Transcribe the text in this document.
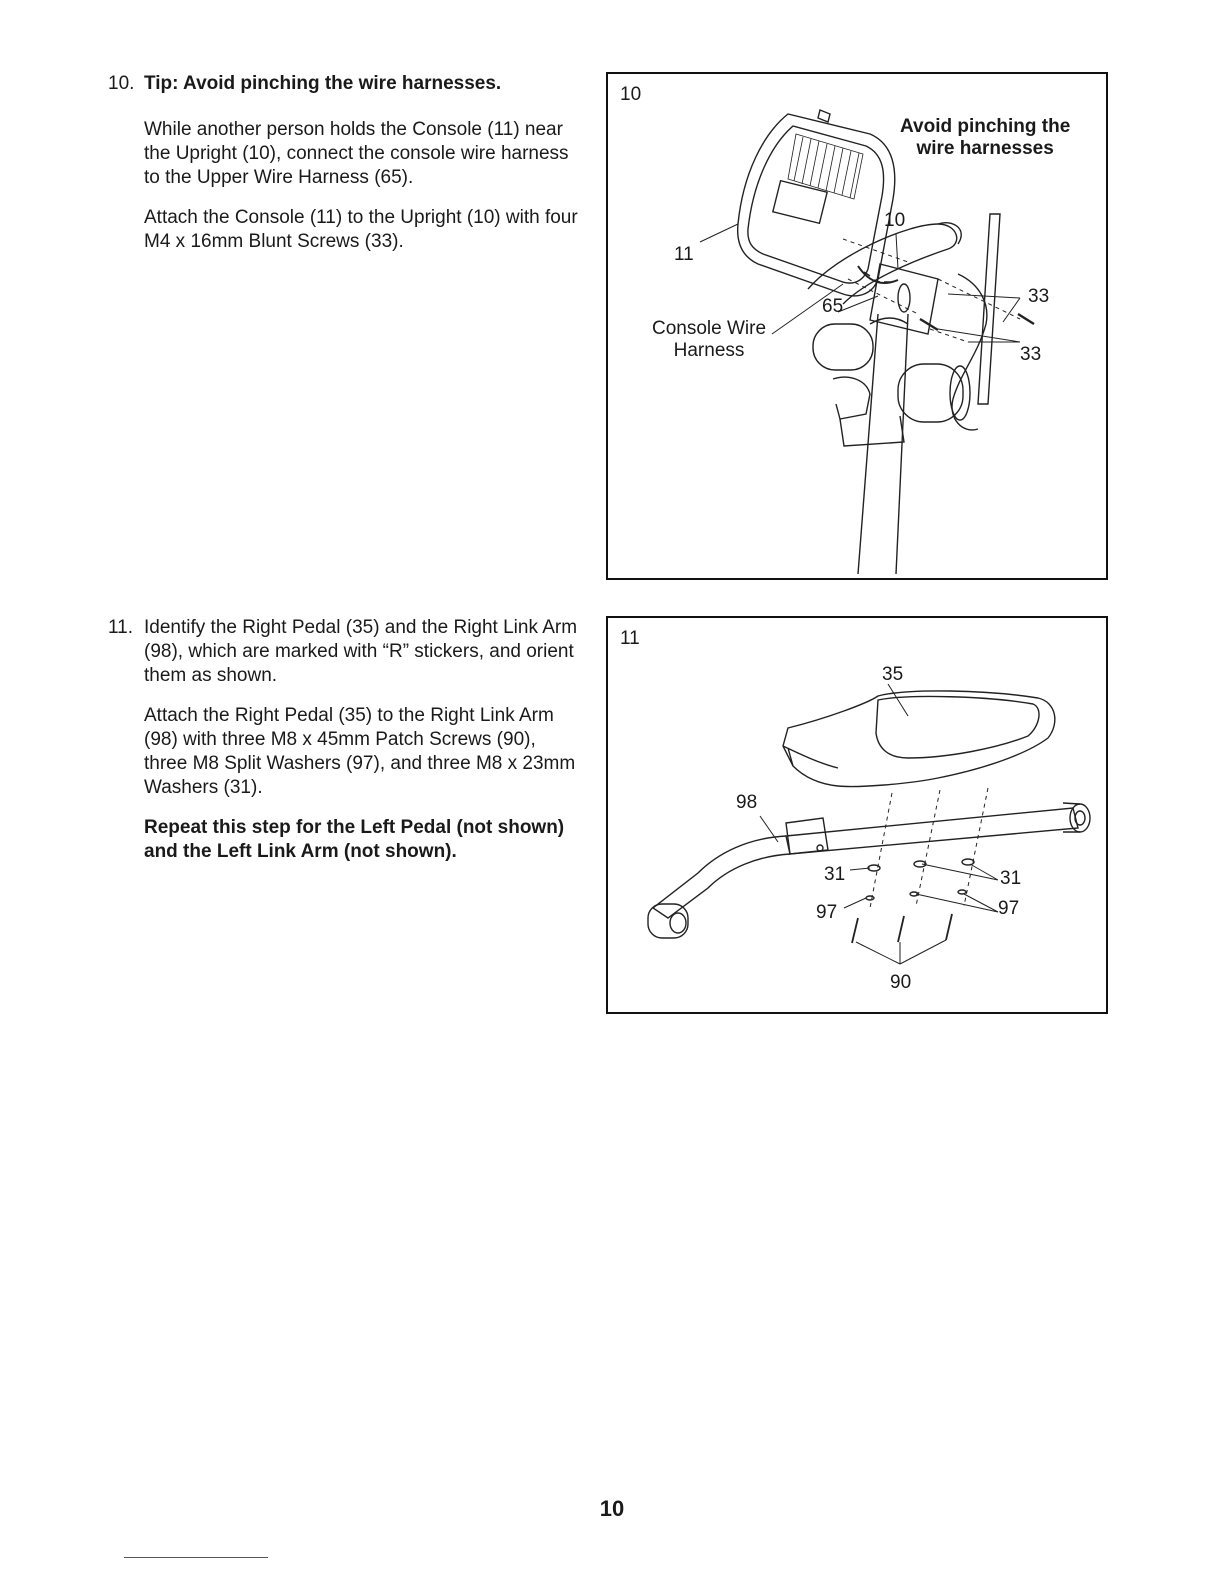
10. Tip: Avoid pinching the wire harnesses.

While another person holds the Console (11) near the Upright (10), connect the console wire harness to the Upper Wire Harness (65).

Attach the Console (11) to the Upright (10) with four M4 x 16mm Blunt Screws (33).

10
Avoid pinching the
wire harnesses
11
10
65	33
33
Console Wire
Harness
11. Identify the Right Pedal (35) and the Right Link Arm (98), which are marked with “R” stickers, and orient them as shown.

Attach the Right Pedal (35) to the Right Link Arm (98) with three M8 x 45mm Patch Screws (90), three M8 Split Washers (97), and three M8 x 23mm Washers (31).

Repeat this step for the Left Pedal (not shown) and the Left Link Arm (not shown).

11
35
98
31	31
97	97
90
10
